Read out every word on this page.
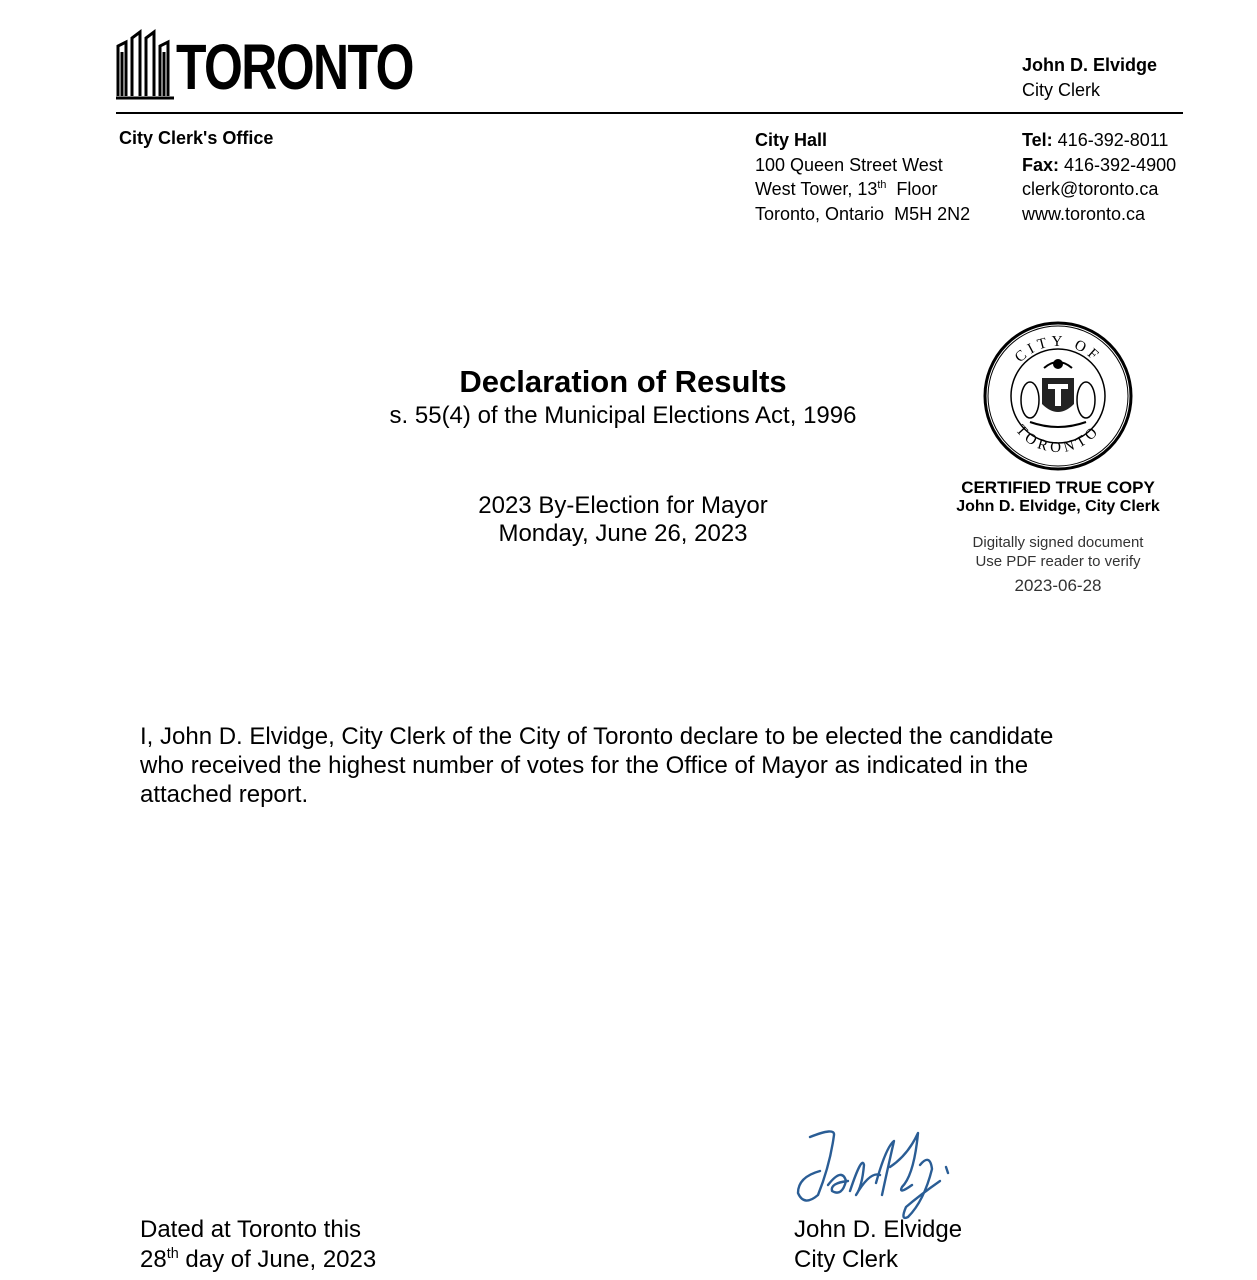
TORONTO	John D. Elvidge
City Clerk
City Clerk's Office	City Hall
100 Queen Street West
West Tower, 13th  Floor
Toronto, Ontario  M5H 2N2
Tel: 416-392-8011
Fax: 416-392-4900
clerk@toronto.ca
www.toronto.ca
Declaration of Results
s. 55(4) of the Municipal Elections Act, 1996
2023 By-Election for Mayor
Monday, June 26, 2023
CITY OF
TORONTO
CERTIFIED TRUE COPY
John D. Elvidge, City Clerk
Digitally signed document
Use PDF reader to verify
2023-06-28
I, John D. Elvidge, City Clerk of the City of Toronto declare to be elected the candidate who received the highest number of votes for the Office of Mayor as indicated in the attached report.
Dated at Toronto this
28th day of June, 2023
John D. Elvidge
City Clerk
